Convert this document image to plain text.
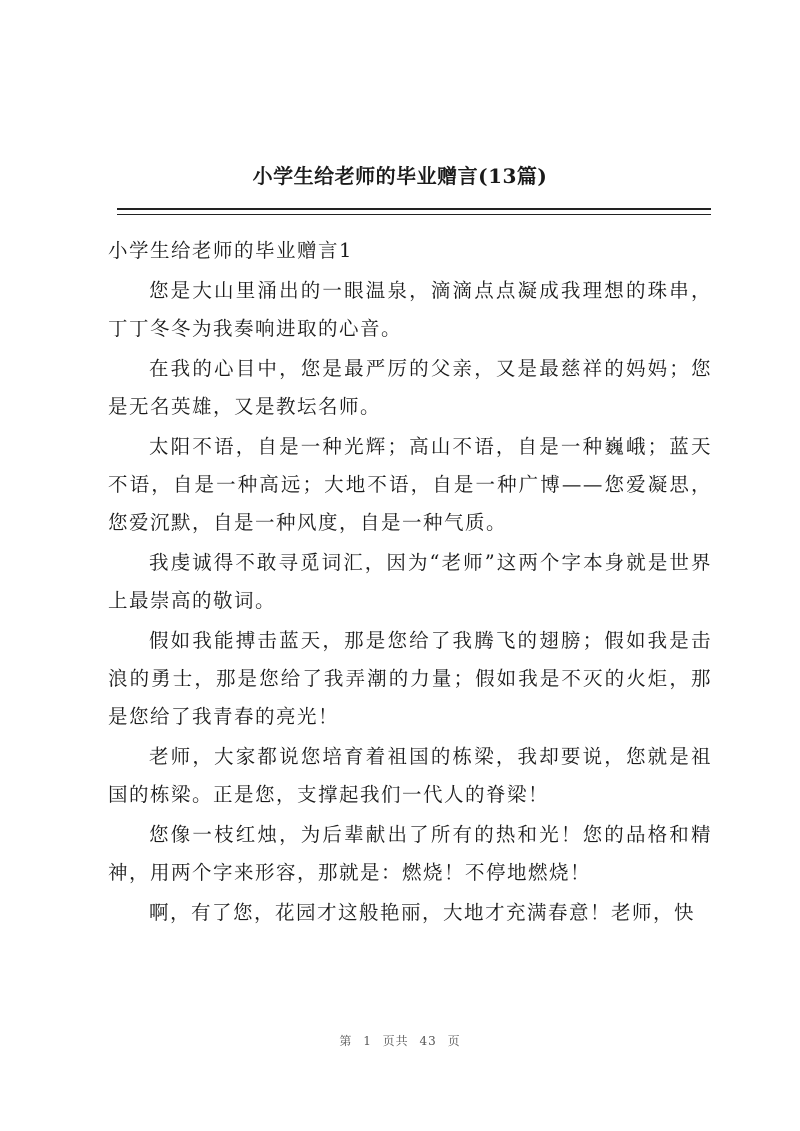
小学生给老师的毕业赠言(13篇)
小学生给老师的毕业赠言1

您是大山里涌出的一眼温泉，滴滴点点凝成我理想的珠串，丁丁冬冬为我奏响进取的心音。

在我的心目中，您是最严厉的父亲，又是最慈祥的妈妈；您是无名英雄，又是教坛名师。

太阳不语，自是一种光辉；高山不语，自是一种巍峨；蓝天不语，自是一种高远；大地不语，自是一种广博——您爱凝思，您爱沉默，自是一种风度，自是一种气质。

我虔诚得不敢寻觅词汇，因为“老师”这两个字本身就是世界上最崇高的敬词。

假如我能搏击蓝天，那是您给了我腾飞的翅膀；假如我是击浪的勇士，那是您给了我弄潮的力量；假如我是不灭的火炬，那是您给了我青春的亮光！

老师，大家都说您培育着祖国的栋梁，我却要说，您就是祖国的栋梁。正是您，支撑起我们一代人的脊梁！

您像一枝红烛，为后辈献出了所有的热和光！您的品格和精神，用两个字来形容，那就是：燃烧！不停地燃烧！

啊，有了您，花园才这般艳丽，大地才充满春意！老师，快

第 1 页共 43 页
